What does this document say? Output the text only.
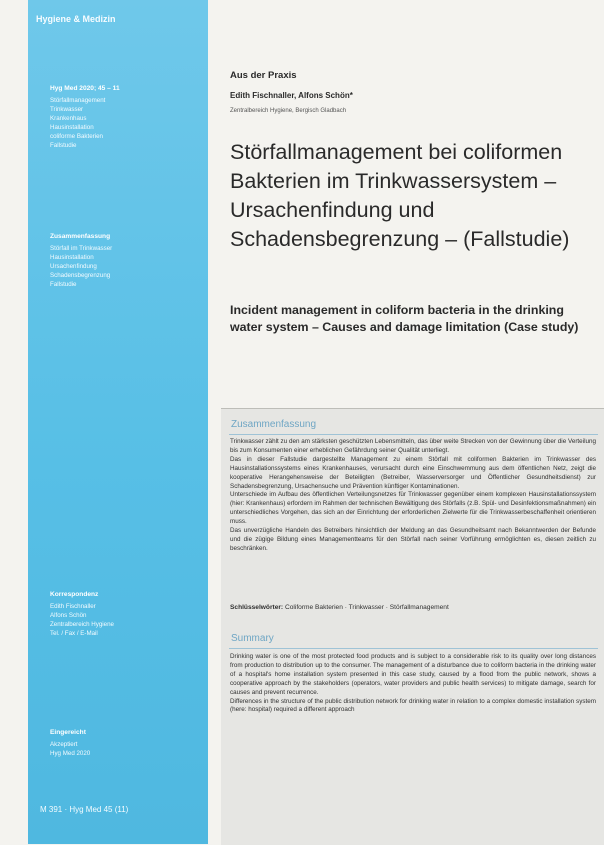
Hygiene & Medizin
Hyg Med 2020; 45 – 11
Störfallmanagement
Trinkwasser
Krankenhaus
Hausinstallation
coliforme Bakterien
Fallstudie
Zusammenfassung
Störfall im Trinkwasser
Hausinstallation
Ursachenfindung
Schadensbegrenzung
Fallstudie
Korrespondenz
Edith Fischnaller
Alfons Schön
Zentralbereich Hygiene
Tel. / Fax / E-Mail
Eingereicht
Akzeptiert
Hyg Med 2020
M 391 · Hyg Med 45 (11)
Aus der Praxis
Edith Fischnaller, Alfons Schön*
Zentralbereich Hygiene, Bergisch Gladbach
Störfallmanagement bei coliformen Bakterien im Trinkwassersystem – Ursachenfindung und Schadensbegrenzung – (Fallstudie)
Incident management in coliform bacteria in the drinking water system – Causes and damage limitation (Case study)
Zusammenfassung

Trinkwasser zählt zu den am stärksten geschützten Lebensmitteln, das über weite Strecken von der Gewinnung über die Verteilung bis zum Konsumenten einer erheblichen Gefährdung seiner Qualität unterliegt.

Das in dieser Fallstudie dargestellte Management zu einem Störfall mit coliformen Bakterien im Trinkwasser des Hausinstallationssystems eines Krankenhauses, verursacht durch eine Einschwemmung aus dem öffentlichen Netz, zeigt die kooperative Herangehensweise der Beteiligten (Betreiber, Wasserversorger und Öffentlicher Gesundheitsdienst) zur Schadensbegrenzung, Ursachensuche und Prävention künftiger Kontaminationen.

Unterschiede im Aufbau des öffentlichen Verteilungsnetzes für Trinkwasser gegenüber einem komplexen Hausinstallationssystem (hier: Krankenhaus) erfordern im Rahmen der technischen Bewältigung des Störfalls (z.B. Spül- und Desinfektionsmaßnahmen) ein unterschiedliches Vorgehen, das sich an der Einrichtung der erforderlichen Zielwerte für die Trinkwasserbeschaffenheit orientieren muss.

Das unverzügliche Handeln des Betreibers hinsichtlich der Meldung an das Gesundheitsamt nach Bekanntwerden der Befunde und die zügige Bildung eines Managementteams für den Störfall nach seiner Vorführung ermöglichten es, diesen zeitlich zu beschränken.

Schlüsselwörter: Coliforme Bakterien · Trinkwasser · Störfallmanagement
Summary

Drinking water is one of the most protected food products and is subject to a considerable risk to its quality over long distances from production to distribution up to the consumer. The management of a disturbance due to coliform bacteria in the drinking water of a hospital's home installation system presented in this case study, caused by a flood from the public network, shows a cooperative approach by the stakeholders (operators, water providers and public health services) to mitigate damage, search for causes and prevent recurrence.

Differences in the structure of the public distribution network for drinking water in relation to a complex domestic installation system (here: hospital) required a different approach
